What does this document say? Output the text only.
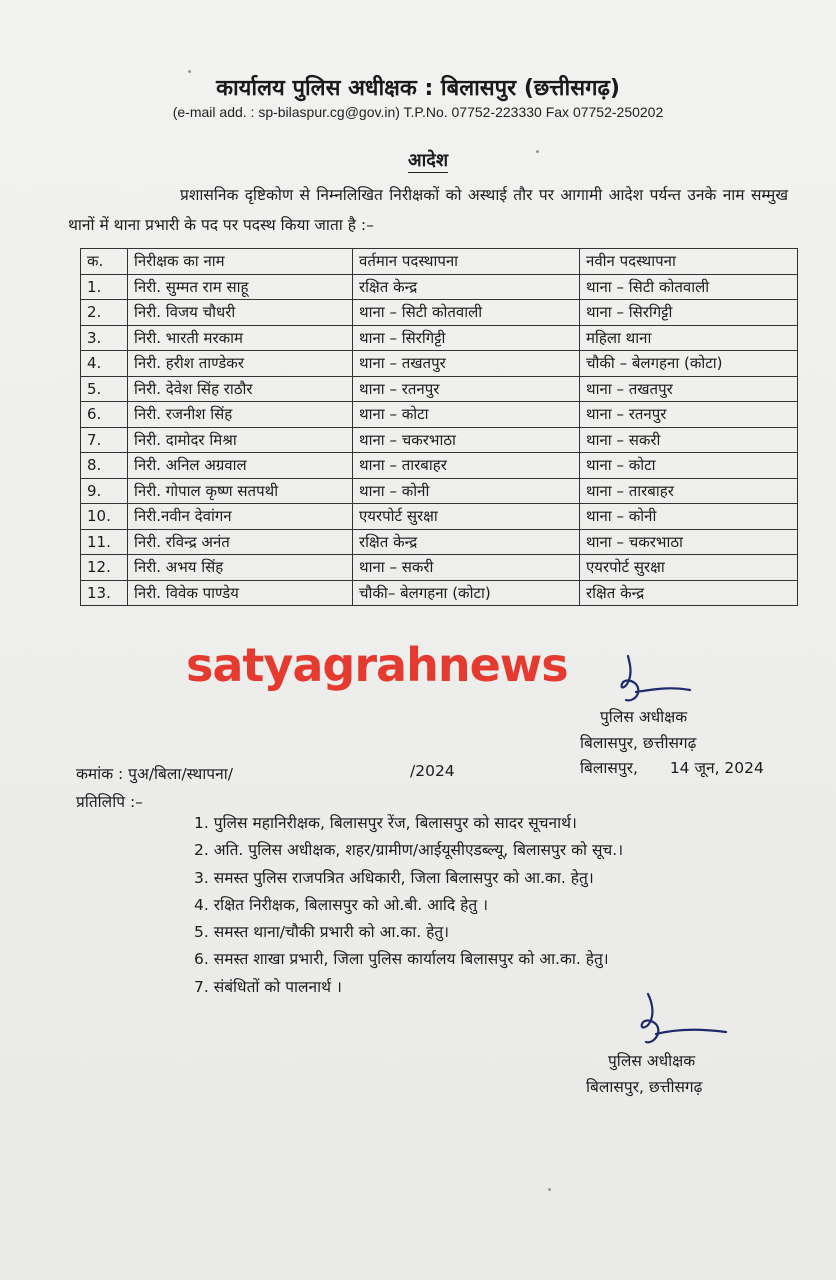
कार्यालय पुलिस अधीक्षक : बिलासपुर (छत्तीसगढ़)
(e-mail add. : sp-bilaspur.cg@gov.in) T.P.No. 07752-223330 Fax 07752-250202
आदेश
प्रशासनिक दृष्टिकोण से निम्नलिखित निरीक्षकों को अस्थाई तौर पर आगामी आदेश पर्यन्त उनके नाम सम्मुख थानों में थाना प्रभारी के पद पर पदस्थ किया जाता है :–
क.	निरीक्षक का नाम	वर्तमान पदस्थापना	नवीन पदस्थापना
1.	निरी. सुम्मत राम साहू	रक्षित केन्द्र	थाना – सिटी कोतवाली
2.	निरी. विजय चौधरी	थाना – सिटी कोतवाली	थाना – सिरगिट्टी
3.	निरी. भारती मरकाम	थाना – सिरगिट्टी	महिला थाना
4.	निरी. हरीश ताण्डेकर	थाना – तखतपुर	चौकी – बेलगहना (कोटा)
5.	निरी. देवेश सिंह राठौर	थाना – रतनपुर	थाना – तखतपुर
6.	निरी. रजनीश सिंह	थाना – कोटा	थाना – रतनपुर
7.	निरी. दामोदर मिश्रा	थाना – चकरभाठा	थाना – सकरी
8.	निरी. अनिल अग्रवाल	थाना – तारबाहर	थाना – कोटा
9.	निरी. गोपाल कृष्ण सतपथी	थाना – कोनी	थाना – तारबाहर
10.	निरी.नवीन देवांगन	एयरपोर्ट सुरक्षा	थाना – कोनी
11.	निरी. रविन्द्र अनंत	रक्षित केन्द्र	थाना – चकरभाठा
12.	निरी. अभय सिंह	थाना – सकरी	एयरपोर्ट सुरक्षा
13.	निरी. विवेक पाण्डेय	चौकी– बेलगहना (कोटा)	रक्षित केन्द्र
satyagrahnews
पुलिस अधीक्षक
बिलासपुर, छत्तीसगढ़
बिलासपुर, 14 जून, 2024
कमांक : पुअ/बिला/स्थापना/	/2024
प्रतिलिपि :–
1. पुलिस महानिरीक्षक, बिलासपुर रेंज, बिलासपुर को सादर सूचनार्थ।
2. अति. पुलिस अधीक्षक, शहर/ग्रामीण/आईयूसीएडब्ल्यू, बिलासपुर को सूच.।
3. समस्त पुलिस राजपत्रित अधिकारी, जिला बिलासपुर को आ.का. हेतु।
4. रक्षित निरीक्षक, बिलासपुर को ओ.बी. आदि हेतु ।
5. समस्त थाना/चौकी प्रभारी को आ.का. हेतु।
6. समस्त शाखा प्रभारी, जिला पुलिस कार्यालय बिलासपुर को आ.का. हेतु।
7. संबंधितों को पालनार्थ ।
पुलिस अधीक्षक
बिलासपुर, छत्तीसगढ़
